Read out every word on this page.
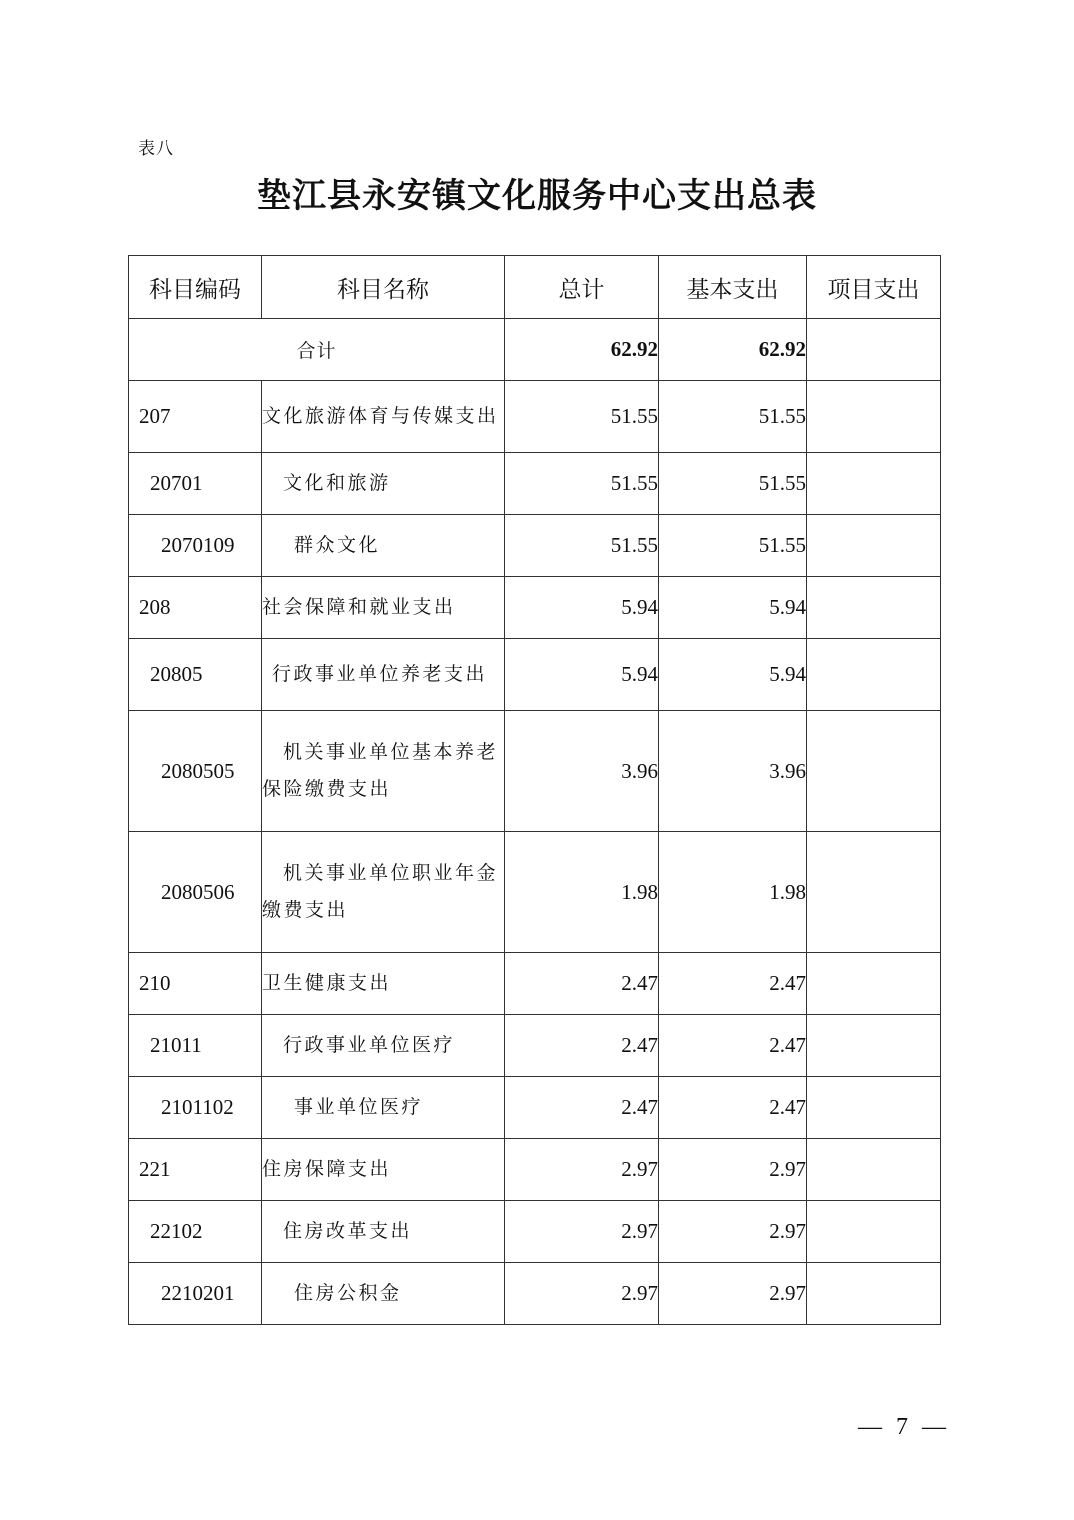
表八
垫江县永安镇文化服务中心支出总表
科目编码	科目名称	总计	基本支出	项目支出
合计		62.92	62.92	
207	文化旅游体育与传媒支出	51.55	51.55	
20701	文化和旅游	51.55	51.55	
2070109	群众文化	51.55	51.55	
208	社会保障和就业支出	5.94	5.94	
20805	行政事业单位养老支出	5.94	5.94	
2080505	机关事业单位基本养老保险缴费支出	3.96	3.96	
2080506	机关事业单位职业年金缴费支出	1.98	1.98	
210	卫生健康支出	2.47	2.47	
21011	行政事业单位医疗	2.47	2.47	
2101102	事业单位医疗	2.47	2.47	
221	住房保障支出	2.97	2.97	
22102	住房改革支出	2.97	2.97	
2210201	住房公积金	2.97	2.97	
— 7 —
